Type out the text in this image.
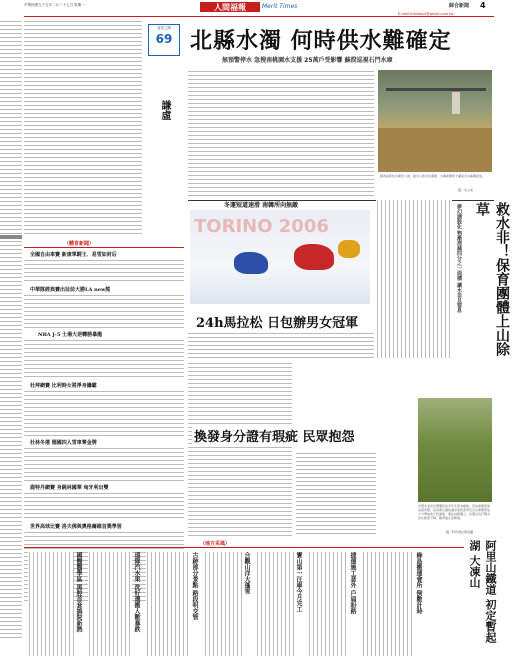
中華民國九十五年二月二十七日 星期一	人間福報	Merit Times	綜合新聞 4
E-mail:mtnews4@gmail.com.tw
迷悟之間
69
謙虛
（體育新聞）
全國自由車賽 新康單騎王．易雪如封后
中華隊經典賽出征前大勝LA new熊
NBA J-5 土場大逆轉勝暴龍
杜拜網賽 比利時女將淨身攝霸
杜林冬運 德國四人雪車奪金牌
鹿特丹網賽 身跳林國華 匈牙利出雙
世界高球比賽 洛夫佛與奧格爾維首獎學習
北縣水濁 何時供水難確定
無預警停水 急搜南桃園水支援 25萬戶受影響 蘇揆巡視石門水庫
圖為板新給水廠急公處，取水口的水色濁黃，水廠處理員卡濾流水冰摻雜泥量。
圖／友主來
冬運短道速滑 南韓所向無敵
TORINO 2006
24h馬拉松 日包辦男女冠軍
夢幻湖鼓化 物漸湮滅四分之一面積 讓水韭且窒息	救水非！保育團體上山除草
換發身分證有瑕疵 民眾抱怨
台灣水韭是台灣獨有的多年生草本植物，因為族類低而為保育類；但是夢幻湖的湖岸泥和泥草及水生蕨類形成十分單純的天然溼地，過往林保護之。長期沒有打理水岸生態會下降，雜草蔓生而繁殖。
圖／阿布德拉斯拍攝
阿里山鐵道 初定暫起湖 大凍山
（地方采風）
國醫醫學區 黑腔首套搞院新熱	遠隊汽水果 洗好選搬人數暴跌	古跡部分景點 路段明交管	合觀山洋大蓬雪	寶山第一汪庫今月完工	捷運施工意外 戶屆盼路	綠島搬運會所 倒數計時
